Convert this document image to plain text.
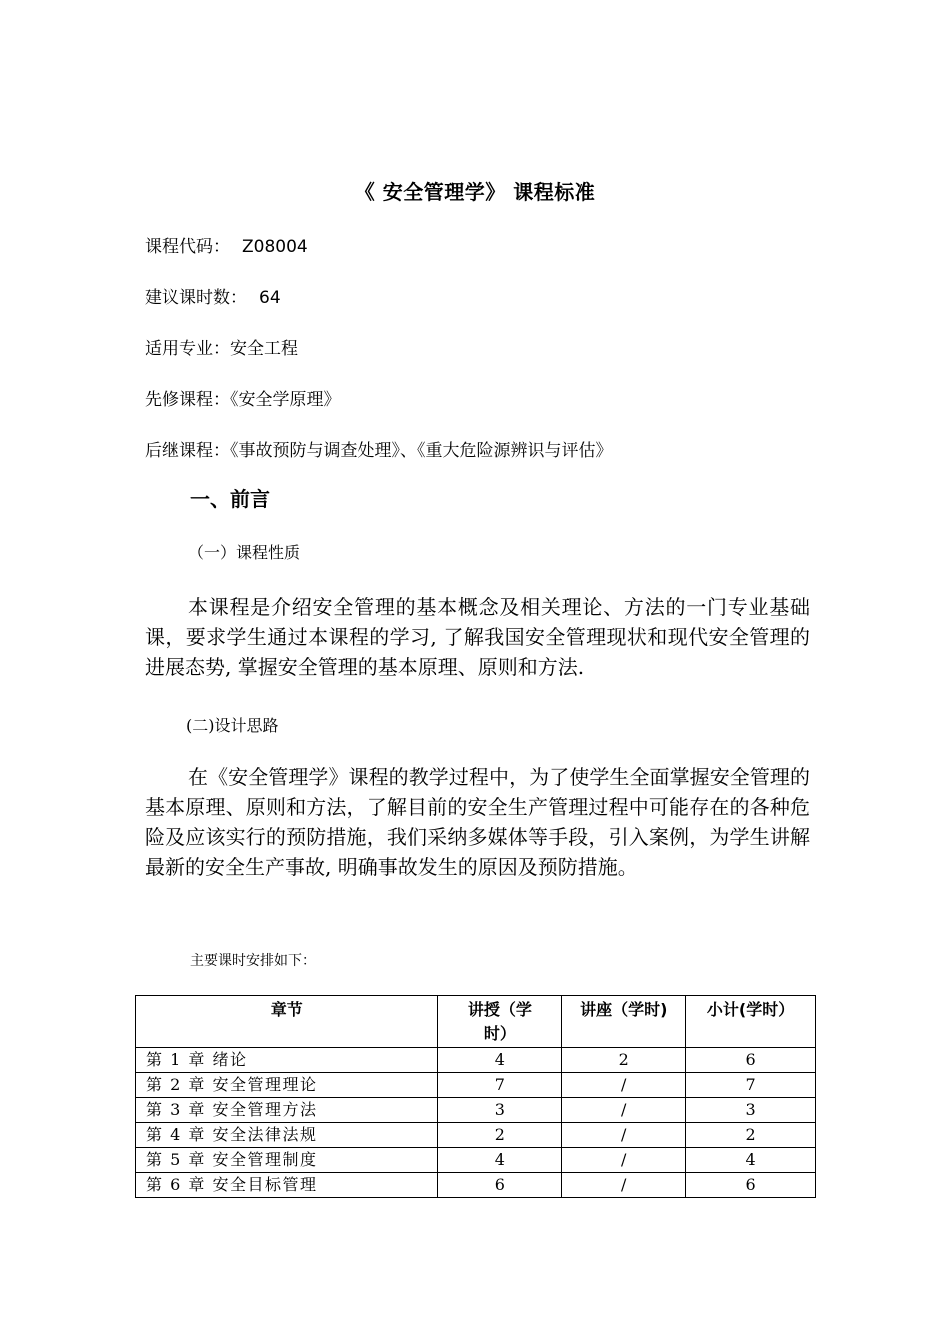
《 安全管理学》 课程标准
课程代码： Z08004
建议课时数： 64
适用专业：安全工程
先修课程：《安全学原理》
后继课程：《事故预防与调查处理》、《重大危险源辨识与评估》
一、前言
（一）课程性质
本课程是介绍安全管理的基本概念及相关理论、方法的一门专业基础课，要求学生通过本课程的学习, 了解我国安全管理现状和现代安全管理的进展态势, 掌握安全管理的基本原理、原则和方法.
(二)设计思路
在《安全管理学》课程的教学过程中，为了使学生全面掌握安全管理的基本原理、原则和方法，了解目前的安全生产管理过程中可能存在的各种危险及应该实行的预防措施，我们采纳多媒体等手段，引入案例，为学生讲解最新的安全生产事故, 明确事故发生的原因及预防措施。
主要课时安排如下：
章节	讲授（学时）	讲座（学时)	小计(学时）
第 1 章 绪论	4	2	6
第 2 章 安全管理理论	7	/	7
第 3 章 安全管理方法	3	/	3
第 4 章 安全法律法规	2	/	2
第 5 章 安全管理制度	4	/	4
第 6 章 安全目标管理	6	/	6
